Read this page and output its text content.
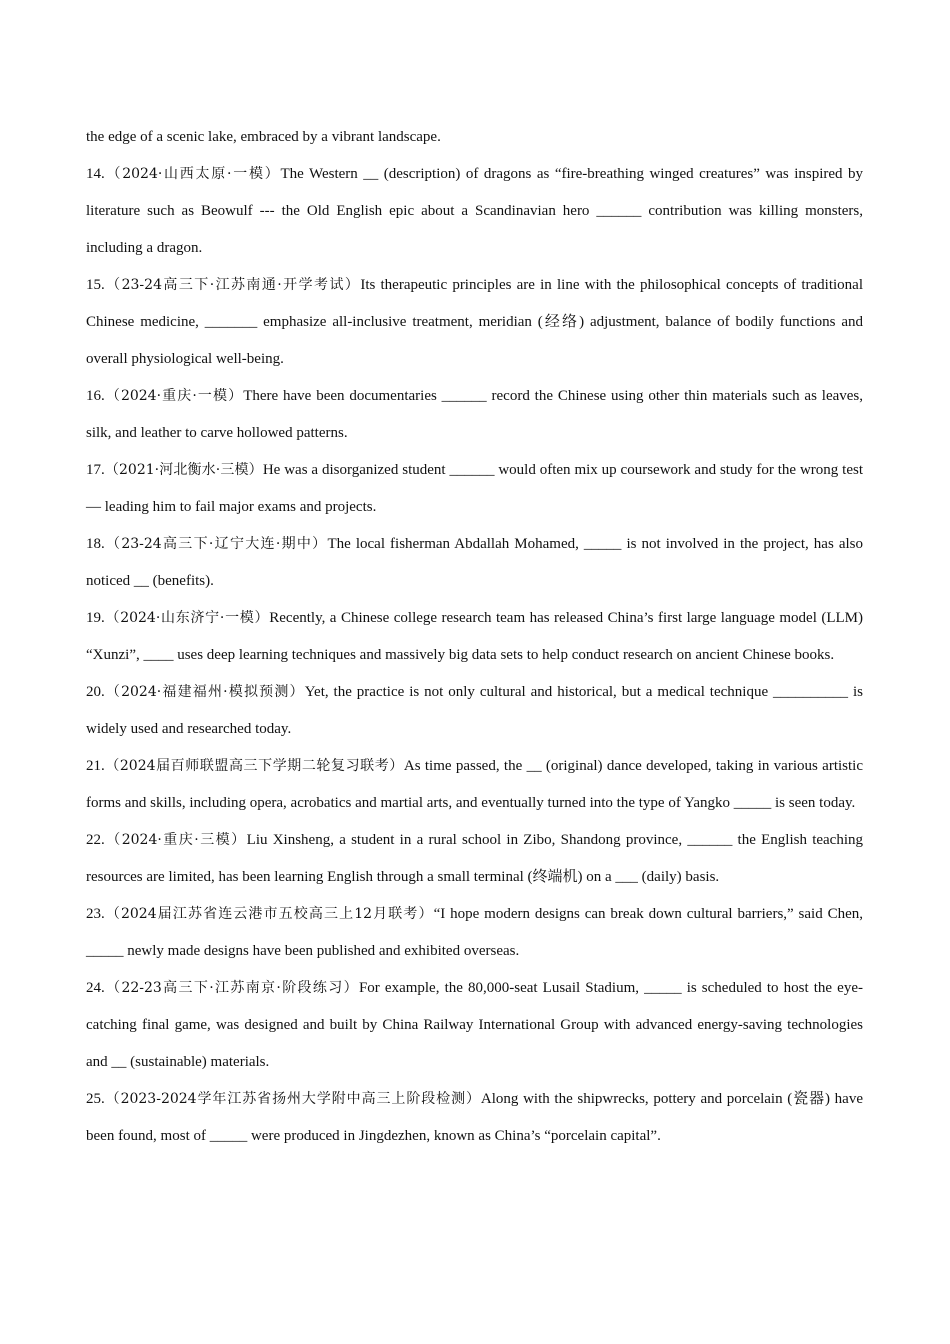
the edge of a scenic lake, embraced by a vibrant landscape.

14.（2024·山西太原·一模）The Western __ (description) of dragons as “fire-breathing winged creatures” was inspired by literature such as Beowulf --- the Old English epic about a Scandinavian hero ______ contribution was killing monsters, including a dragon.

15.（23-24高三下·江苏南通·开学考试）Its therapeutic principles are in line with the philosophical concepts of traditional Chinese medicine, _______ emphasize all-inclusive treatment, meridian (经络) adjustment, balance of bodily functions and overall physiological well-being.

16.（2024·重庆·一模）There have been documentaries ______ record the Chinese using other thin materials such as leaves, silk, and leather to carve hollowed patterns.

17.（2021·河北衡水·三模）He was a disorganized student ______ would often mix up coursework and study for the wrong test— leading him to fail major exams and projects.

18.（23-24高三下·辽宁大连·期中）The local fisherman Abdallah Mohamed, _____ is not involved in the project, has also noticed __ (benefits).

19.（2024·山东济宁·一模）Recently, a Chinese college research team has released China’s first large language model (LLM) “Xunzi”, ____ uses deep learning techniques and massively big data sets to help conduct research on ancient Chinese books.

20.（2024·福建福州·模拟预测）Yet, the practice is not only cultural and historical, but a medical technique __________ is widely used and researched today.

21.（2024届百师联盟高三下学期二轮复习联考）As time passed, the __ (original) dance developed, taking in various artistic forms and skills, including opera, acrobatics and martial arts, and eventually turned into the type of Yangko _____ is seen today.

22.（2024·重庆·三模）Liu Xinsheng, a student in a rural school in Zibo, Shandong province, ______ the English teaching resources are limited, has been learning English through a small terminal (终端机) on a ___ (daily) basis.

23.（2024届江苏省连云港市五校高三上12月联考）“I hope modern designs can break down cultural barriers,” said Chen, _____ newly made designs have been published and exhibited overseas.

24.（22-23高三下·江苏南京·阶段练习）For example, the 80,000-seat Lusail Stadium, _____ is scheduled to host the eye-catching final game, was designed and built by China Railway International Group with advanced energy-saving technologies and __ (sustainable) materials.

25.（2023-2024学年江苏省扬州大学附中高三上阶段检测）Along with the shipwrecks, pottery and porcelain (瓷器) have been found, most of _____ were produced in Jingdezhen, known as China’s “porcelain capital”.
